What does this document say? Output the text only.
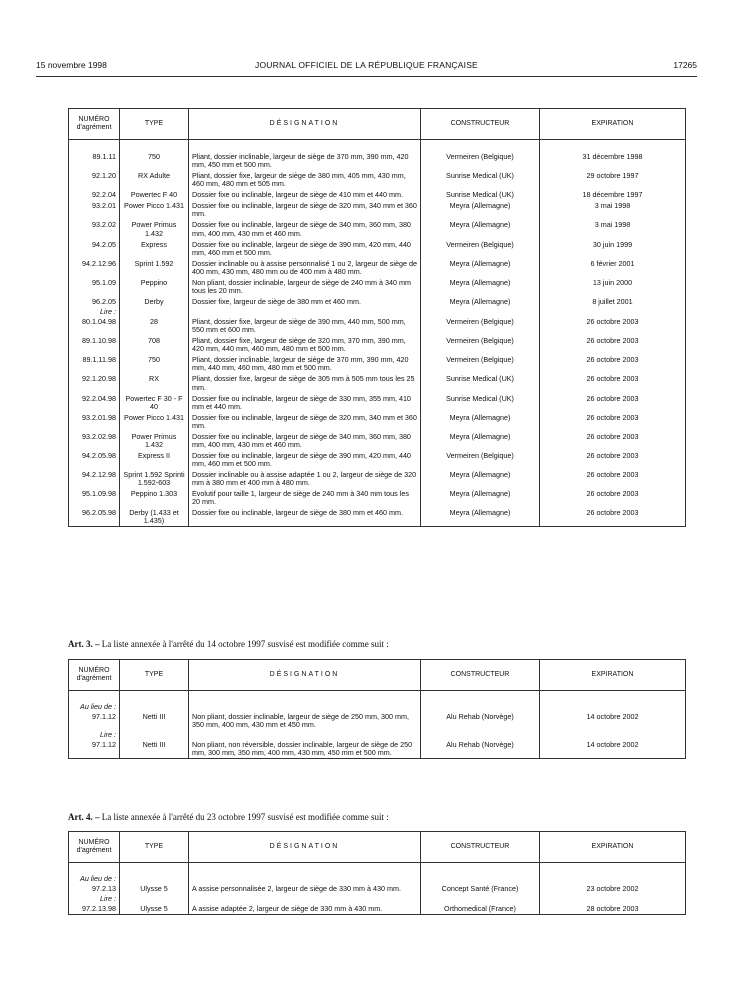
15 novembre 1998	JOURNAL OFFICIEL DE LA RÉPUBLIQUE FRANÇAISE	17265
NUMÉRO d'agrément	TYPE	DÉSIGNATION	CONSTRUCTEUR	EXPIRATION

89.1.11	750	Pliant, dossier inclinable, largeur de siège de 370 mm, 390 mm, 420 mm, 450 mm et 500 mm.	Vermeiren (Belgique)	31 décembre 1998
92.1.20	RX Adulte	Pliant, dossier fixe, largeur de siège de 380 mm, 405 mm, 430 mm, 460 mm, 480 mm et 505 mm.	Sunrise Medical (UK)	29 octobre 1997
92.2.04	Powertec F 40	Dossier fixe ou inclinable, largeur de siège de 410 mm et 440 mm.	Sunrise Medical (UK)	18 décembre 1997
93.2.01	Power Picco 1.431	Dossier fixe ou inclinable, largeur de siège de 320 mm, 340 mm et 360 mm.	Meyra (Allemagne)	3 mai 1998
93.2.02	Power Primus 1.432	Dossier fixe ou inclinable, largeur de siège de 340 mm, 360 mm, 380 mm, 400 mm, 430 mm et 460 mm.	Meyra (Allemagne)	3 mai 1998
94.2.05	Express	Dossier fixe ou inclinable, largeur de siège de 390 mm, 420 mm, 440 mm, 460 mm et 500 mm.	Vermeiren (Belgique)	30 juin 1999
94.2.12.96	Sprint 1.592	Dossier inclinable ou à assise personnalisé 1 ou 2, largeur de siège de 400 mm, 430 mm, 480 mm ou de 400 mm à 480 mm.	Meyra (Allemagne)	6 février 2001
95.1.09	Peppino	Non pliant, dossier inclinable, largeur de siège de 240 mm à 340 mm tous les 20 mm.	Meyra (Allemagne)	13 juin 2000
96.2.05	Derby	Dossier fixe, largeur de siège de 380 mm et 460 mm.	Meyra (Allemagne)	8 juillet 2001
Lire :				
80.1.04.98	28	Pliant, dossier fixe, largeur de siège de 390 mm, 440 mm, 500 mm, 550 mm et 600 mm.	Vermeiren (Belgique)	26 octobre 2003
89.1.10.98	708	Pliant, dossier fixe, largeur de siège de 320 mm, 370 mm, 390 mm, 420 mm, 440 mm, 460 mm, 480 mm et 500 mm.	Vermeiren (Belgique)	26 octobre 2003
89.1.11.98	750	Pliant, dossier inclinable, largeur de siège de 370 mm, 390 mm, 420 mm, 440 mm, 460 mm, 480 mm et 500 mm.	Vermeiren (Belgique)	26 octobre 2003
92.1.20.98	RX	Pliant, dossier fixe, largeur de siège de 305 mm à 505 mm tous les 25 mm.	Sunrise Medical (UK)	26 octobre 2003
92.2.04.98	Powertec F 30 - F 40	Dossier fixe ou inclinable, largeur de siège de 330 mm, 355 mm, 410 mm et 440 mm.	Sunrise Medical (UK)	26 octobre 2003
93.2.01.98	Power Picco 1.431	Dossier fixe ou inclinable, largeur de siège de 320 mm, 340 mm et 360 mm.	Meyra (Allemagne)	26 octobre 2003
93.2.02.98	Power Primus 1.432	Dossier fixe ou inclinable, largeur de siège de 340 mm, 360 mm, 380 mm, 400 mm, 430 mm et 460 mm.	Meyra (Allemagne)	26 octobre 2003
94.2.05.98	Express II	Dossier fixe ou inclinable, largeur de siège de 390 mm, 420 mm, 440 mm, 460 mm et 500 mm.	Vermeiren (Belgique)	26 octobre 2003
94.2.12.98	Sprint 1.592 Sprinti 1.592-603	Dossier inclinable ou à assise adaptée 1 ou 2, largeur de siège de 320 mm à 380 mm et 400 mm à 480 mm.	Meyra (Allemagne)	26 octobre 2003
95.1.09.98	Peppino 1.303	Evolutif pour taille 1, largeur de siège de 240 mm à 340 mm tous les 20 mm.	Meyra (Allemagne)	26 octobre 2003
96.2.05.98	Derby (1.433 et 1.435)	Dossier fixe ou inclinable, largeur de siège de 380 mm et 460 mm.	Meyra (Allemagne)	26 octobre 2003
Art. 3. – La liste annexée à l'arrêté du 14 octobre 1997 susvisé est modifiée comme suit :
NUMÉRO d'agrément	TYPE	DÉSIGNATION	CONSTRUCTEUR	EXPIRATION

Au lieu de :				
97.1.12	Netti III	Non pliant, dossier inclinable, largeur de siège de 250 mm, 300 mm, 350 mm, 400 mm, 430 mm et 450 mm.	Alu Rehab (Norvège)	14 octobre 2002
Lire :				
97.1.12	Netti III	Non pliant, non réversible, dossier inclinable, largeur de siège de 250 mm, 300 mm, 350 mm, 400 mm, 430 mm, 450 mm et 500 mm.	Alu Rehab (Norvège)	14 octobre 2002
Art. 4. – La liste annexée à l'arrêté du 23 octobre 1997 susvisé est modifiée comme suit :
NUMÉRO d'agrément	TYPE	DÉSIGNATION	CONSTRUCTEUR	EXPIRATION

Au lieu de :				
97.2.13	Ulysse 5	A assise personnalisée 2, largeur de siège de 330 mm à 430 mm.	Concept Santé (France)	23 octobre 2002
Lire :				
97.2.13.98	Ulysse 5	A assise adaptée 2, largeur de siège de 330 mm à 430 mm.	Orthomedical (France)	28 octobre 2003
